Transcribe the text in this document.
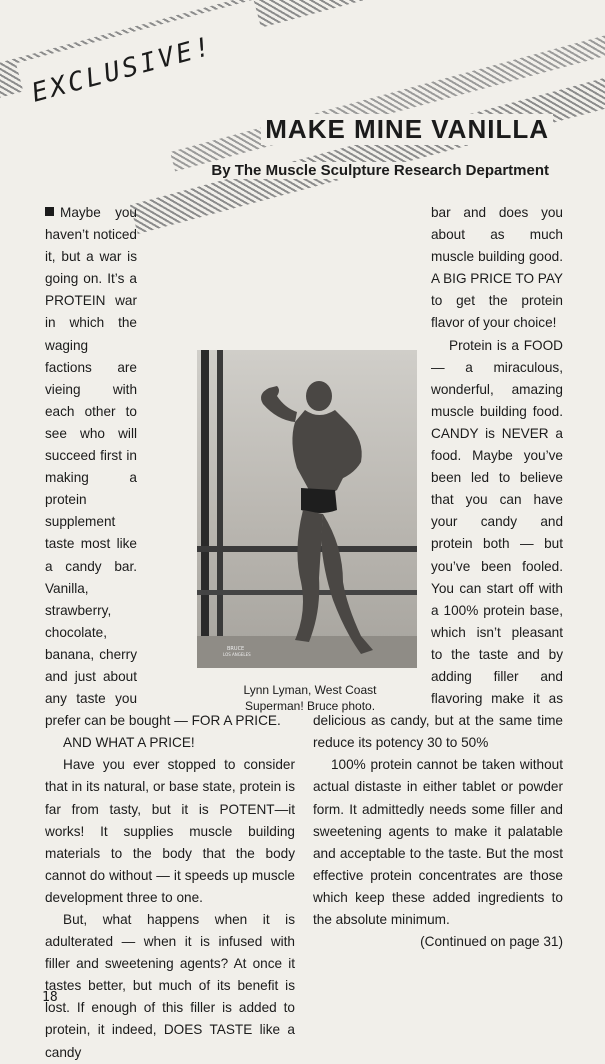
EXCLUSIVE!
MAKE MINE VANILLA
By The Muscle Sculpture Research Department

Maybe you haven’t noticed it, but a war is going on. It’s a PROTEIN war in which the waging factions are vieing with each other to see who will succeed first in making a protein supplement taste most like a candy bar. Vanilla, strawberry, chocolate, banana, cherry and just about any taste you prefer can be bought — FOR A PRICE.

AND WHAT A PRICE!

Have you ever stopped to consider that in its natural, or base state, protein is far from tasty, but it is POTENT—it works! It supplies muscle building materials to the body that the body cannot do without — it speeds up muscle development three to one.

But, what happens when it is adulterated — when it is infused with filler and sweetening agents? At once it tastes better, but much of its benefit is lost. If enough of this filler is added to protein, it indeed, DOES TASTE like a candy

bar and does you about as much muscle building good. A BIG PRICE TO PAY to get the protein flavor of your choice!

Protein is a FOOD — a miraculous, wonderful, amazing muscle building food. CANDY is NEVER a food. Maybe you’ve been led to believe that you can have your candy and protein both — but you’ve been fooled. You can start off with a 100% protein base, which isn’t pleasant to the taste and by adding filler and flavoring make it as delicious as candy, but at the same time reduce its potency 30 to 50%

100% protein cannot be taken without actual distaste in either tablet or powder form. It admittedly needs some filler and sweetening agents to make it palatable and acceptable to the taste. But the most effective protein concentrates are those which keep these added ingredients to the absolute minimum.
(Continued on page 31)

BRUCE
LOS ANGELES
Lynn Lyman, West Coast Superman! Bruce photo.
18
